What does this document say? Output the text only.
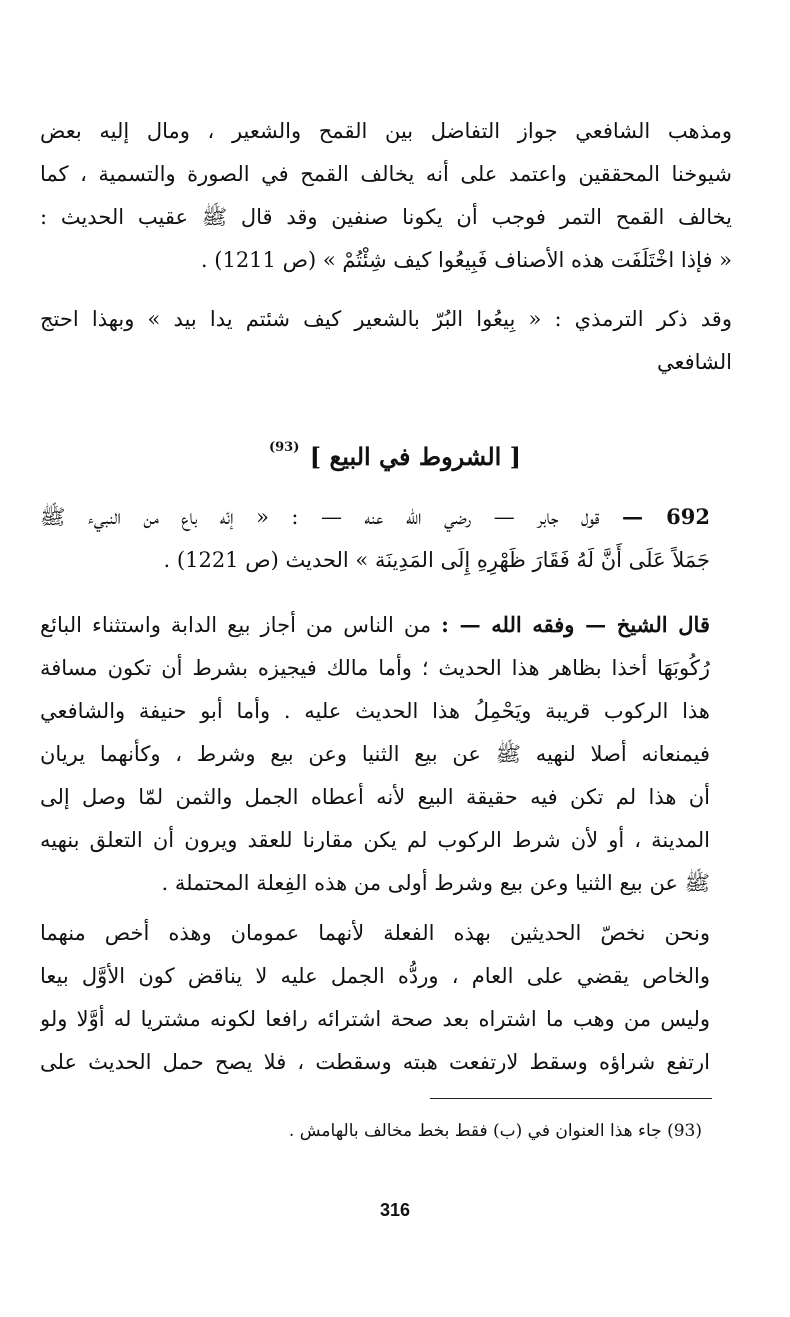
ومذهب الشافعي جواز التفاضل بين القمح والشعير ، ومال إليه بعض
شيوخنا المحققين واعتمد على أنه يخالف القمح في الصورة والتسمية ، كما
يخالف القمح التمر فوجب أن يكونا صنفين وقد قال ﷺ عقيب الحديث :
« فإذا اخْتَلَفَت هذه الأصناف فَبِيعُوا كيف شِئْتُمْ » (ص 1211) .
وقد ذكر الترمذي : « بِيعُوا البُرّ بالشعير كيف شئتم يدا بيد » وبهذا احتج
الشافعي
[ الشروط في البيع ] $^{(93)}$
692 — قول جابر — رضي الله عنه — : « إنّه باع من النبيء ﷺ
جَمَلاً عَلَى أَنَّ لَهُ فَقَارَ ظَهْرِهِ إِلَى المَدِينَة » الحديث (ص 1221) .
قال الشيخ — وفقه الله — : من الناس من أجاز بيع الدابة واستثناء البائع
رُكُوبَهَا أخذا بظاهر هذا الحديث ؛ وأما مالك فيجيزه بشرط أن تكون مسافة
هذا الركوب قريبة ويَحْمِلُ هذا الحديث عليه . وأما أبو حنيفة والشافعي
فيمنعانه أصلا لنهيه ﷺ عن بيع الثنيا وعن بيع وشرط ، وكأنهما يريان
أن هذا لم تكن فيه حقيقة البيع لأنه أعطاه الجمل والثمن لمّا وصل إلى
المدينة ، أو لأن شرط الركوب لم يكن مقارنا للعقد ويرون أن التعلق بنهيه
ﷺ عن بيع الثنيا وعن بيع وشرط أولى من هذه الفِعلة المحتملة .
ونحن نخصّ الحديثين بهذه الفعلة لأنهما عمومان وهذه أخص منهما
والخاص يقضي على العام ، وردُّه الجمل عليه لا يناقض كون الأوَّل بيعا
وليس من وهب ما اشتراه بعد صحة اشترائه رافعا لكونه مشتريا له أوَّلا ولو
ارتفع شراؤه وسقط لارتفعت هبته وسقطت ، فلا يصح حمل الحديث على
(93) جاء هذا العنوان في (ب) فقط بخط مخالف بالهامش .
316
